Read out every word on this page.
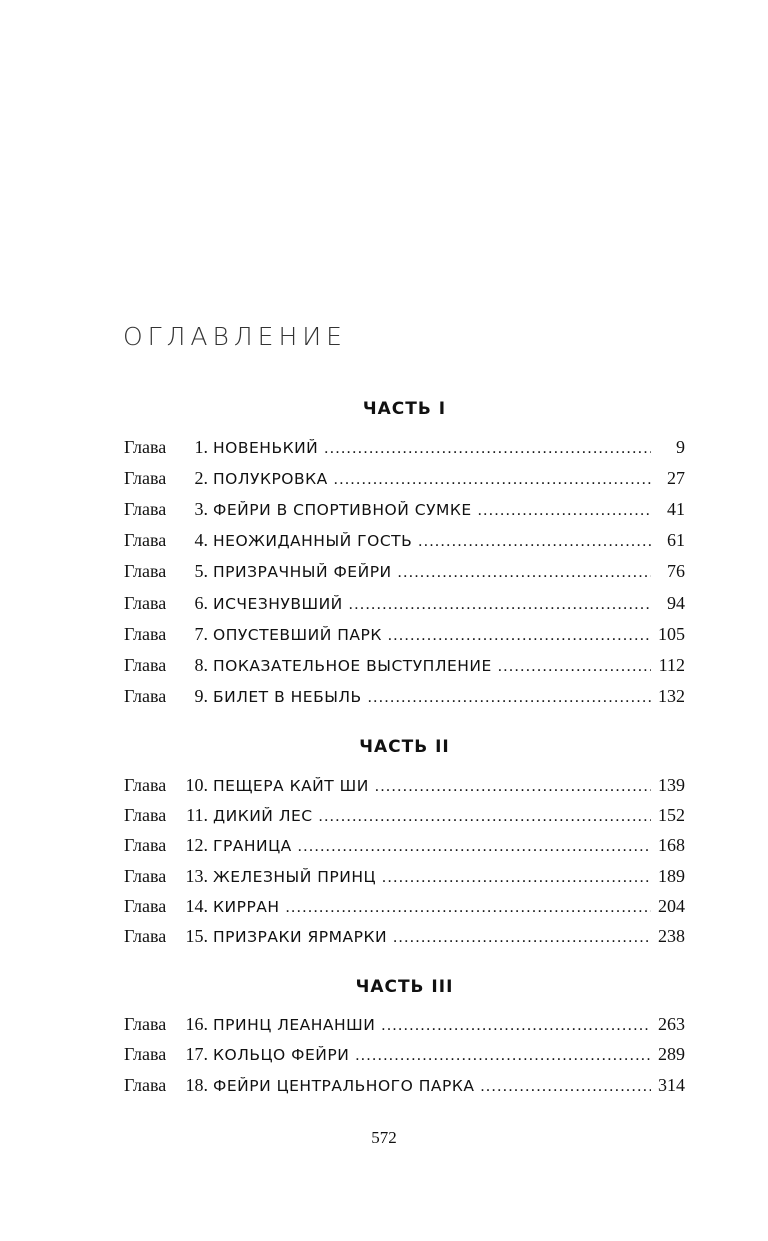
ОГЛАВЛЕНИЕ
ЧАСТЬ I
ЧАСТЬ II
ЧАСТЬ III
Глава	1. НОВЕНЬКИЙ . . .	9
Глава	2. ПОЛУКРОВКА . . .	27
Глава	3. ФЕЙРИ В СПОРТИВНОЙ СУМКЕ . . .	41
Глава	4. НЕОЖИДАННЫЙ ГОСТЬ . . .	61
Глава	5. ПРИЗРАЧНЫЙ ФЕЙРИ . . .	76
Глава	6. ИСЧЕЗНУВШИЙ . . .	94
Глава	7. ОПУСТЕВШИЙ ПАРК . . .	105
Глава	8. ПОКАЗАТЕЛЬНОЕ ВЫСТУПЛЕНИЕ . . .	112
Глава	9. БИЛЕТ В НЕБЫЛЬ . . .	132
Глава	10. ПЕЩЕРА КАЙТ ШИ . . .	139
Глава	11. ДИКИЙ ЛЕС . . .	152
Глава	12. ГРАНИЦА . . .	168
Глава	13. ЖЕЛЕЗНЫЙ ПРИНЦ . . .	189
Глава	14. КИРРАН . . .	204
Глава	15. ПРИЗРАКИ ЯРМАРКИ . . .	238
Глава	16. ПРИНЦ ЛЕАНАНШИ . . .	263
Глава	17. КОЛЬЦО ФЕЙРИ . . .	289
Глава	18. ФЕЙРИ ЦЕНТРАЛЬНОГО ПАРКА . . .	314
572
